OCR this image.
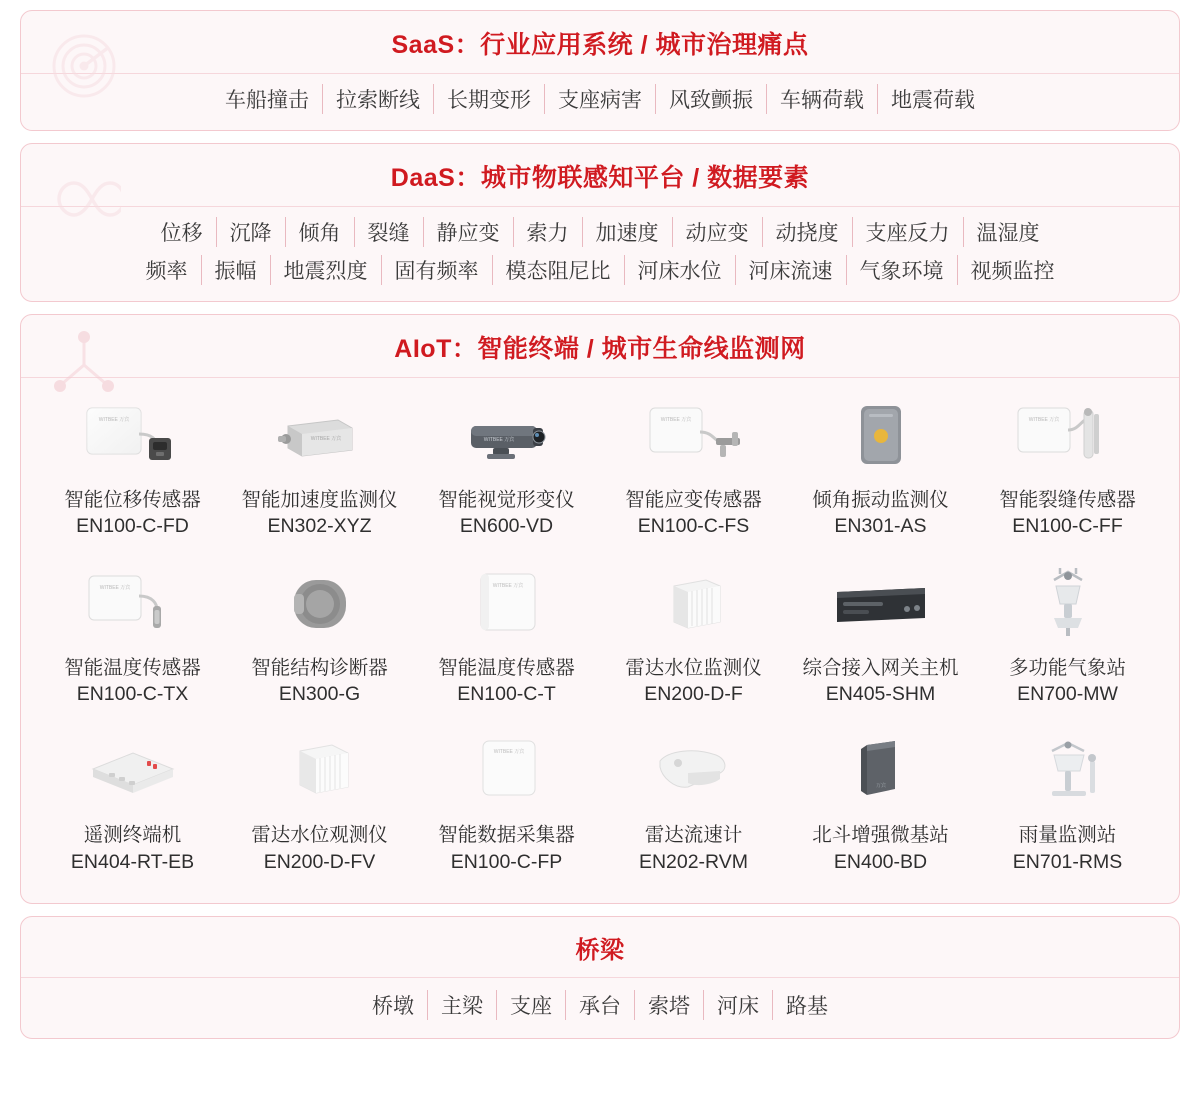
SaaS：行业应用系统 / 城市治理痛点
车船撞击	拉索断线	长期变形	支座病害	风致颤振	车辆荷载	地震荷载
DaaS：城市物联感知平台 / 数据要素
位移	沉降	倾角	裂缝	静应变	索力	加速度	动应变	动挠度	支座反力	温湿度
频率	振幅	地震烈度	固有频率	模态阻尼比	河床水位	河床流速	气象环境	视频监控
AIoT：智能终端 / 城市生命线监测网
WITBEE 万宾
智能位移传感器
EN100-C-FD
WITBEE 万宾
智能加速度监测仪
EN302-XYZ
WITBEE 万宾
智能视觉形变仪
EN600-VD
WITBEE 万宾
智能应变传感器
EN100-C-FS
倾角振动监测仪
EN301-AS
WITBEE 万宾
智能裂缝传感器
EN100-C-FF
WITBEE 万宾
智能温度传感器
EN100-C-TX
智能结构诊断器
EN300-G
WITBEE 万宾
智能温度传感器
EN100-C-T
雷达水位监测仪
EN200-D-F
综合接入网关主机
EN405-SHM
多功能气象站
EN700-MW
遥测终端机
EN404-RT-EB
雷达水位观测仪
EN200-D-FV
WITBEE 万宾
智能数据采集器
EN100-C-FP
雷达流速计
EN202-RVM
万宾
北斗增强微基站
EN400-BD
雨量监测站
EN701-RMS
桥梁
桥墩	主梁	支座	承台	索塔	河床	路基
